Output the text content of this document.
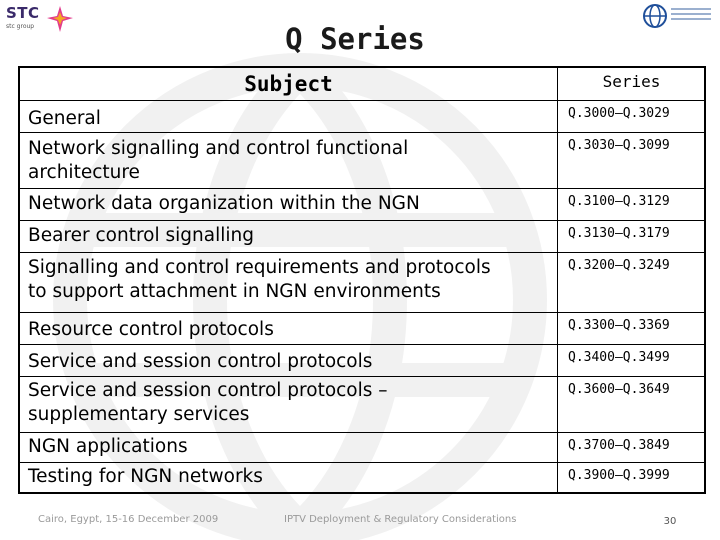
STC
stc group	Q Series
Subject	Series
General	Q.3000–Q.3029
Network signalling and control functional
architecture
Q.3030–Q.3099
Network data organization within the NGN	Q.3100–Q.3129
Bearer control signalling	Q.3130–Q.3179
Signalling and control requirements and protocols
to support attachment in NGN environments
Q.3200–Q.3249
Resource control protocols	Q.3300–Q.3369
Service and session control protocols	Q.3400–Q.3499
Service and session control protocols –
supplementary services
Q.3600–Q.3649
NGN applications	Q.3700–Q.3849
Testing for NGN networks	Q.3900–Q.3999
Cairo, Egypt, 15-16 December 2009	IPTV Deployment & Regulatory Considerations	30
